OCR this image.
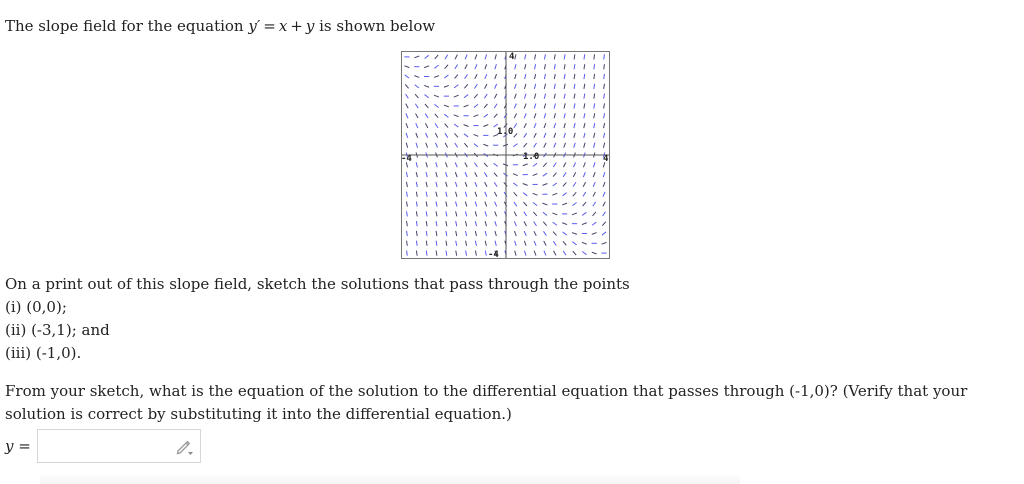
The slope field for the equation y′ = x + y is shown below
4
1.0
1.0
-4	4
-4
On a print out of this slope field, sketch the solutions that pass through the points
(i) (0,0);
(ii) (-3,1); and
(iii) (-1,0).
From your sketch, what is the equation of the solution to the differential equation that passes through (-1,0)? (Verify that your solution is correct by substituting it into the differential equation.)
y =
